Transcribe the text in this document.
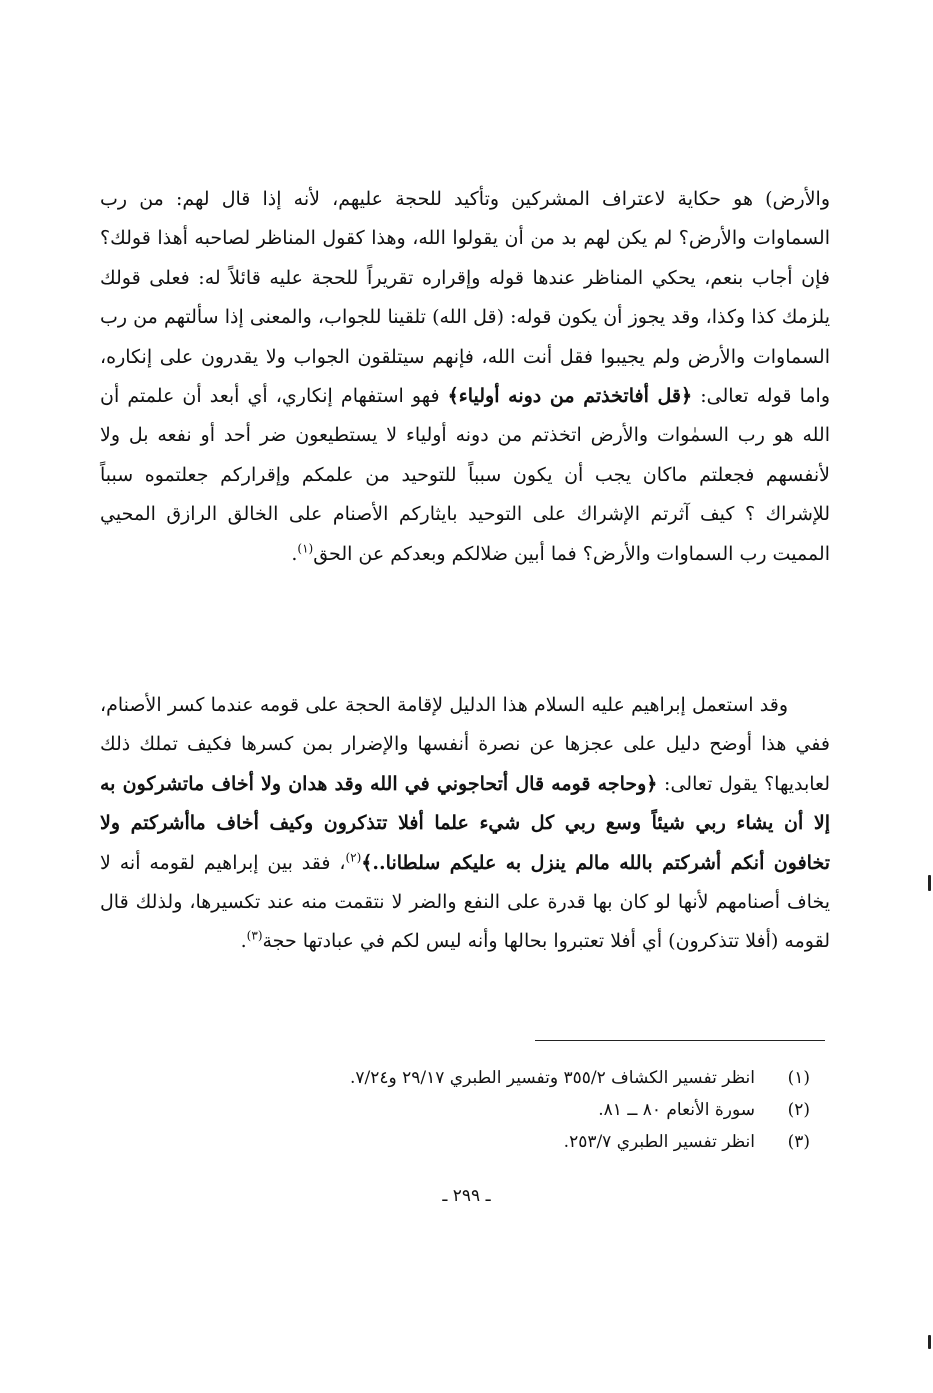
والأرض) هو حكاية لاعتراف المشركين وتأكيد للحجة عليهم، لأنه إذا قال لهم: من رب السماوات والأرض؟ لم يكن لهم بد من أن يقولوا الله، وهذا كقول المناظر لصاحبه أهذا قولك؟ فإن أجاب بنعم، يحكي المناظر عندها قوله وإقراره تقريراً للحجة عليه قائلاً له: فعلى قولك يلزمك كذا وكذا، وقد يجوز أن يكون قوله: (قل الله) تلقينا للجواب، والمعنى إذا سألتهم من رب السماوات والأرض ولم يجيبوا فقل أنت الله، فإنهم سيتلقون الجواب ولا يقدرون على إنكاره، واما قوله تعالى: ﴿قل أفاتخذتم من دونه أولياء﴾ فهو استفهام إنكاري، أي أبعد أن علمتم أن الله هو رب السمٰوات والأرض اتخذتم من دونه أولياء لا يستطيعون ضر أحد أو نفعه بل ولا لأنفسهم فجعلتم ماكان يجب أن يكون سبباً للتوحيد من علمكم وإقراركم جعلتموه سبباً للإشراك ؟ كيف آثرتم الإشراك على التوحيد بايثاركم الأصنام على الخالق الرازق المحيي المميت رب السماوات والأرض؟ فما أبين ضلالكم وبعدكم عن الحق$^{(١)}$.
وقد استعمل إبراهيم عليه السلام هذا الدليل لإقامة الحجة على قومه عندما كسر الأصنام، ففي هذا أوضح دليل على عجزها عن نصرة أنفسها والإضرار بمن كسرها فكيف تملك ذلك لعابديها؟ يقول تعالى: ﴿وحاجه قومه قال أتحاجوني في الله وقد هدان ولا أخاف ماتشركون به إلا أن يشاء ربي شيئاً وسع ربي كل شيء علما أفلا تتذكرون وكيف أخاف ماأشركتم ولا تخافون أنكم أشركتم بالله مالم ينزل به عليكم سلطانا..﴾$^{(٢)}$، فقد بين إبراهيم لقومه أنه لا يخاف أصنامهم لأنها لو كان بها قدرة على النفع والضر لا نتقمت منه عند تكسيرها، ولذلك قال لقومه (أفلا تتذكرون) أي أفلا تعتبروا بحالها وأنه ليس لكم في عبادتها حجة$^{(٣)}$.
(١)
انظر تفسير الكشاف ٣٥٥/٢ وتفسير الطبري ٢٩/١٧ و٧/٢٤.
(٢)
سورة الأنعام ٨٠ ــ ٨١.
(٣)
انظر تفسير الطبري ٢٥٣/٧.
ـ ٢٩٩ ـ
